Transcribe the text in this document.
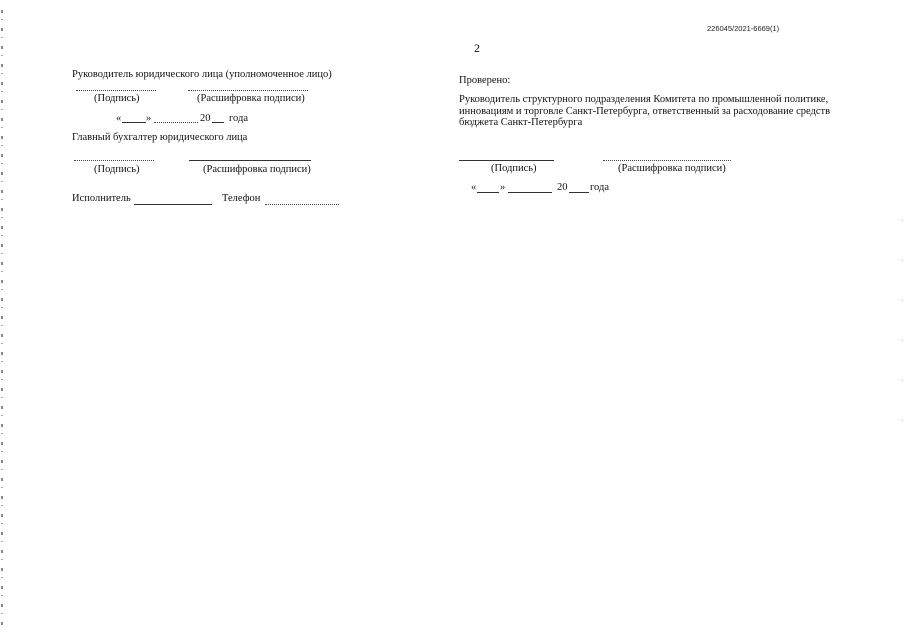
226045/2021-6669(1)
2
Руководитель юридического лица (уполномоченное лицо)
(Подпись)	(Расшифровка подписи)
« »	20 года
Главный бухгалтер юридического лица
(Подпись)	(Расшифровка подписи)
Исполнитель	Телефон
Проверено:
Руководитель структурного подразделения Комитета по промышленной политике, инновациям и торговле Санкт-Петербурга, ответственный за расходование средств бюджета Санкт-Петербурга
(Подпись)	(Расшифровка подписи)
« »	20 года
